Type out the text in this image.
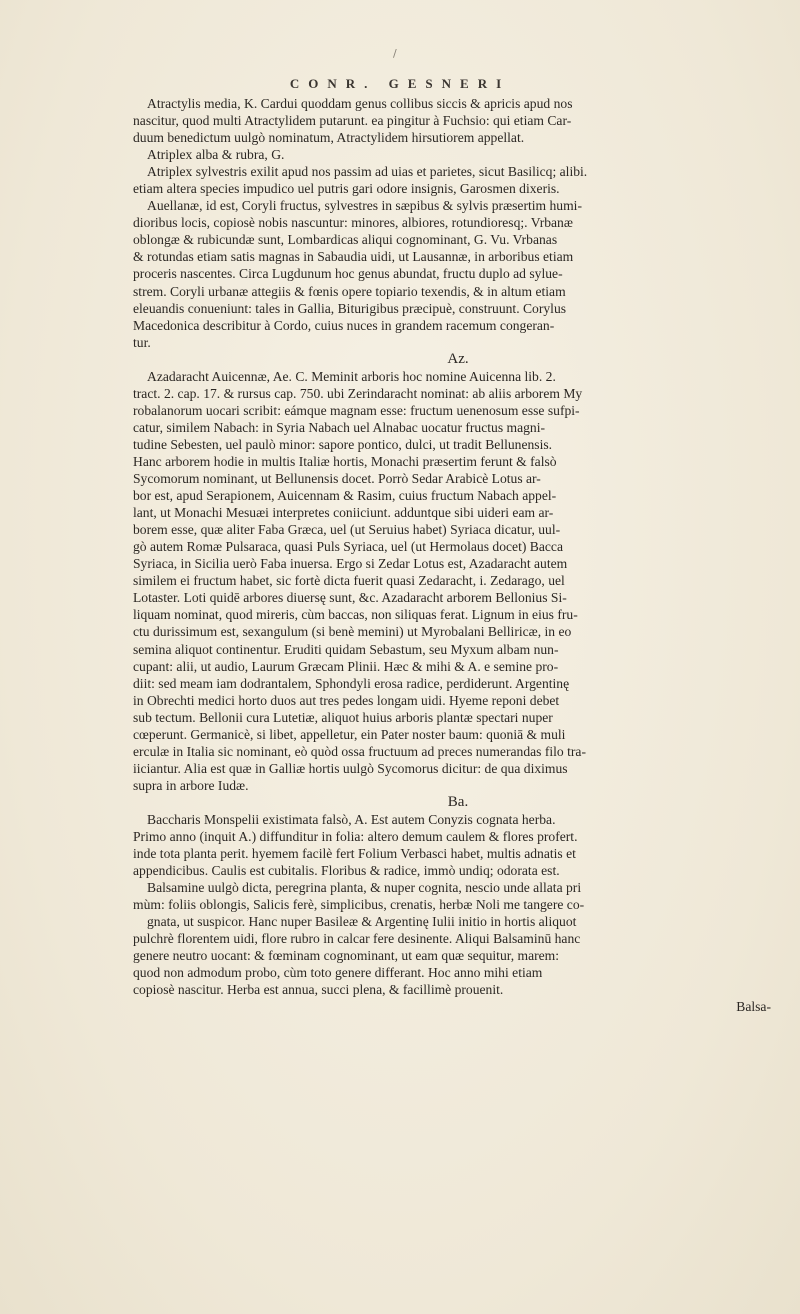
/
CONR. GESNERI
Atractylis media, K. Cardui quoddam genus collibus siccis & apricis apud nos
nascitur, quod multi Atractylidem putarunt. ea pingitur à Fuchsio: qui etiam Car-
duum benedictum uulgò nominatum, Atractylidem hirsutiorem appellat.
Atriplex alba & rubra, G.
Atriplex sylvestris exilit apud nos passim ad uias et parietes, sicut Basilicq; alibi.
etiam altera species impudico uel putris gari odore insignis, Garosmen dixeris.
Auellanæ, id est, Coryli fructus, sylvestres in sæpibus & sylvis præsertim humi-
dioribus locis, copiosè nobis nascuntur: minores, albiores, rotundioresq;. Vrbanæ
oblongæ & rubicundæ sunt, Lombardicas aliqui cognominant, G. Vu. Vrbanas
& rotundas etiam satis magnas in Sabaudia uidi, ut Lausannæ, in arboribus etiam
proceris nascentes. Circa Lugdunum hoc genus abundat, fructu duplo ad sylue-
strem. Coryli urbanæ attegiis & fœnis opere topiario texendis, & in altum etiam
eleuandis conueniunt: tales in Gallia, Biturigibus præcipuè, construunt. Corylus
Macedonica describitur à Cordo, cuius nuces in grandem racemum congeran-
tur.
Az.
Azadaracht Auicennæ, Ae. C. Meminit arboris hoc nomine Auicenna lib. 2.
tract. 2. cap. 17. & rursus cap. 750. ubi Zerindaracht nominat: ab aliis arborem My
robalanorum uocari scribit: eámque magnam esse: fructum uenenosum esse sufpi-
catur, similem Nabach: in Syria Nabach uel Alnabac uocatur fructus magni-
tudine Sebesten, uel paulò minor: sapore pontico, dulci, ut tradit Bellunensis.
Hanc arborem hodie in multis Italiæ hortis, Monachi præsertim ferunt & falsò
Sycomorum nominant, ut Bellunensis docet. Porrò Sedar Arabicè Lotus ar-
bor est, apud Serapionem, Auicennam & Rasim, cuius fructum Nabach appel-
lant, ut Monachi Mesuæi interpretes coniiciunt. adduntque sibi uideri eam ar-
borem esse, quæ aliter Faba Græca, uel (ut Seruius habet) Syriaca dicatur, uul-
gò autem Romæ Pulsaraca, quasi Puls Syriaca, uel (ut Hermolaus docet) Bacca
Syriaca, in Sicilia uerò Faba inuersa. Ergo si Zedar Lotus est, Azadaracht autem
similem ei fructum habet, sic fortè dicta fuerit quasi Zedaracht, i. Zedarago, uel
Lotaster. Loti quidē arbores diuersę sunt, &c. Azadaracht arborem Bellonius Si-
liquam nominat, quod mireris, cùm baccas, non siliquas ferat. Lignum in eius fru-
ctu durissimum est, sexangulum (si benè memini) ut Myrobalani Belliricæ, in eo
semina aliquot continentur. Eruditi quidam Sebastum, seu Myxum albam nun-
cupant: alii, ut audio, Laurum Græcam Plinii. Hæc & mihi & A. e semine pro-
diit: sed meam iam dodrantalem, Sphondyli erosa radice, perdiderunt. Argentinę
in Obrechti medici horto duos aut tres pedes longam uidi. Hyeme reponi debet
sub tectum. Bellonii cura Lutetiæ, aliquot huius arboris plantæ spectari nuper
cœperunt. Germanicè, si libet, appelletur, ein Pater noster baum: quoniā & muli
erculæ in Italia sic nominant, eò quòd ossa fructuum ad preces numerandas filo tra-
iiciantur. Alia est quæ in Galliæ hortis uulgò Sycomorus dicitur: de qua diximus
supra in arbore Iudæ.
Ba.
Baccharis Monspelii existimata falsò, A. Est autem Conyzis cognata herba.
Primo anno (inquit A.) diffunditur in folia: altero demum caulem & flores profert.
inde tota planta perit. hyemem facilè fert Folium Verbasci habet, multis adnatis et
appendicibus. Caulis est cubitalis. Floribus & radice, immò undiq; odorata est.
Balsamine uulgò dicta, peregrina planta, & nuper cognita, nescio unde allata pri
mùm: foliis oblongis, Salicis ferè, simplicibus, crenatis, herbæ Noli me tangere co-
gnata, ut suspicor. Hanc nuper Basileæ & Argentinę Iulii initio in hortis aliquot
pulchrè florentem uidi, flore rubro in calcar fere desinente. Aliqui Balsaminū hanc
genere neutro uocant: & fœminam cognominant, ut eam quæ sequitur, marem:
quod non admodum probo, cùm toto genere differant. Hoc anno mihi etiam
copiosè nascitur. Herba est annua, succi plena, & facillimè prouenit.
Balsa-
